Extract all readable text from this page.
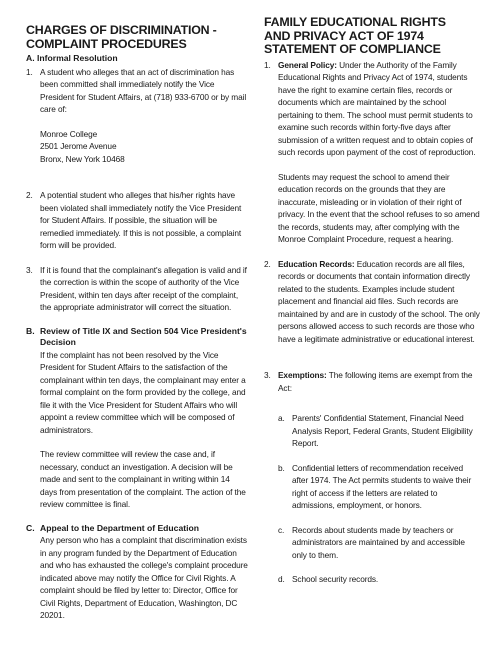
CHARGES OF DISCRIMINATION -
COMPLAINT PROCEDURES
A. Informal Resolution
1. A student who alleges that an act of discrimination has been committed shall immediately notify the Vice President for Student Affairs, at (718) 933-6700 or by mail care of:

Monroe College

2501 Jerome Avenue

Bronx, New York 10468

2. A potential student who alleges that his/her rights have been violated shall immediately notify the Vice President for Student Affairs. If possible, the situation will be remedied immediately. If this is not possible, a complaint form will be provided.

3. If it is found that the complainant's allegation is valid and if the correction is within the scope of authority of the Vice President, within ten days after receipt of the complaint, the appropriate administrator will correct the situation.

B. Review of Title IX and Section 504 Vice President's Decision

If the complaint has not been resolved by the Vice President for Student Affairs to the satisfaction of the complainant within ten days, the complainant may enter a formal complaint on the form provided by the college, and file it with the Vice President for Student Affairs who will appoint a review committee which will be composed of administrators.

The review committee will review the case and, if necessary, conduct an investigation. A decision will be made and sent to the complainant in writing within 14 days from presentation of the complaint. The action of the review committee is final.

C. Appeal to the Department of Education

Any person who has a complaint that discrimination exists in any program funded by the Department of Education and who has exhausted the college's complaint procedure indicated above may notify the Office for Civil Rights. A complaint should be filed by letter to: Director, Office for Civil Rights, Department of Education, Washington, DC 20201.

FAMILY EDUCATIONAL RIGHTS
AND PRIVACY ACT OF 1974
STATEMENT OF COMPLIANCE
1. General Policy: Under the Authority of the Family Educational Rights and Privacy Act of 1974, students have the right to examine certain files, records or documents which are maintained by the school pertaining to them. The school must permit students to examine such records within forty-five days after submission of a written request and to obtain copies of such records upon payment of the cost of reproduction.

Students may request the school to amend their education records on the grounds that they are inaccurate, misleading or in violation of their right of privacy. In the event that the school refuses to so amend the records, students may, after complying with the Monroe Complaint Procedure, request a hearing.

2. Education Records: Education records are all files, records or documents that contain information directly related to the students. Examples include student placement and financial aid files. Such records are maintained by and are in custody of the school. The only persons allowed access to such records are those who have a legitimate administrative or educational interest.

3. Exemptions: The following items are exempt from the Act:

a. Parents' Confidential Statement, Financial Need Analysis Report, Federal Grants, Student Eligibility Report.

b. Confidential letters of recommendation received after 1974. The Act permits students to waive their right of access if the letters are related to admissions, employment, or honors.

c. Records about students made by teachers or administrators are maintained by and accessible only to them.

d. School security records.
